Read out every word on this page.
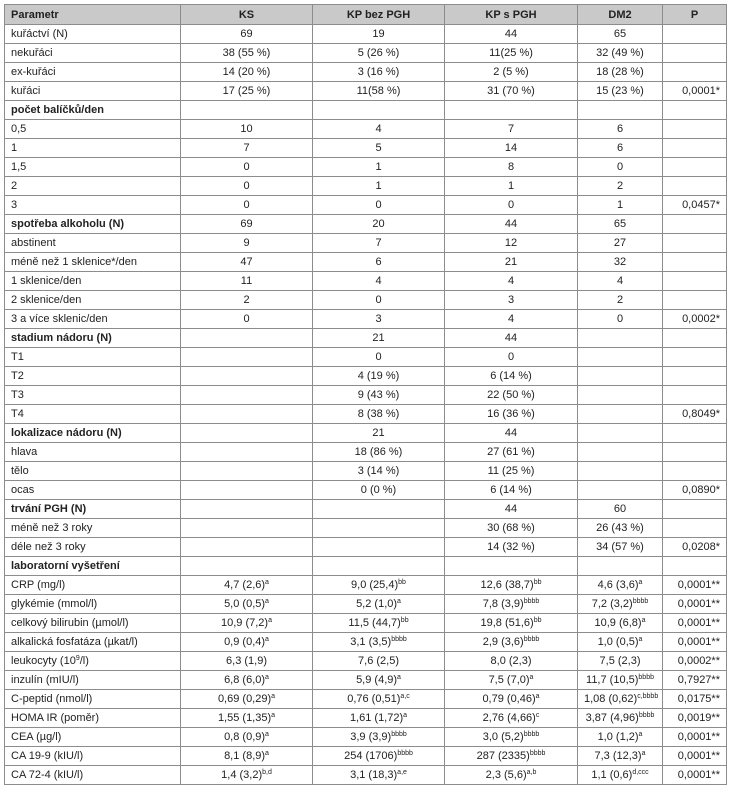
Parametr	KS	KP bez PGH	KP s PGH	DM2	P
kuřáctví (N)	69	19	44	65	
nekuřáci	38 (55 %)	5 (26 %)	11(25 %)	32 (49 %)	
ex-kuřáci	14 (20 %)	3 (16 %)	2 (5 %)	18 (28 %)	
kuřáci	17 (25 %)	11(58 %)	31 (70 %)	15 (23 %)	0,0001*
počet balíčků/den					
0,5	10	4	7	6	
1	7	5	14	6	
1,5	0	1	8	0	
2	0	1	1	2	
3	0	0	0	1	0,0457*
spotřeba alkoholu (N)	69	20	44	65	
abstinent	9	7	12	27	
méně než 1 sklenice*/den	47	6	21	32	
1 sklenice/den	11	4	4	4	
2 sklenice/den	2	0	3	2	
3 a více sklenic/den	0	3	4	0	0,0002*
stadium nádoru (N)		21	44		
T1		0	0		
T2		4 (19 %)	6 (14 %)		
T3		9 (43 %)	22 (50 %)		
T4		8 (38 %)	16 (36 %)		0,8049*
lokalizace nádoru (N)		21	44		
hlava		18 (86 %)	27 (61 %)		
tělo		3 (14 %)	11 (25 %)		
ocas		0 (0 %)	6 (14 %)		0,0890*
trvání PGH (N)			44	60	
méně než 3 roky			30 (68 %)	26 (43 %)	
déle než 3 roky			14 (32 %)	34 (57 %)	0,0208*
laboratorní vyšetření					
CRP (mg/l)	4,7 $(2,6)^a$	9,0 $(25,4)^{bb}$	12,6 $(38,7)^{bb}$	4,6 $(3,6)^a$	0,0001**
glykémie (mmol/l)	5,0 $(0,5)^a$	5,2 $(1,0)^a$	7,8 $(3,9)^{bbbb}$	7,2 $(3,2)^{bbbb}$	0,0001**
celkový bilirubin (µmol/l)	10,9 $(7,2)^a$	11,5 $(44,7)^{bb}$	19,8 $(51,6)^{bb}$	10,9 $(6,8)^a$	0,0001**
alkalická fosfatáza (µkat/l)	0,9 $(0,4)^a$	3,1 $(3,5)^{bbbb}$	2,9 $(3,6)^{bbbb}$	1,0 $(0,5)^a$	0,0001**
leukocyty $(10^9/l)$	6,3 (1,9)	7,6 (2,5)	8,0 (2,3)	7,5 (2,3)	0,0002**
inzulín (mIU/l)	6,8 $(6,0)^a$	5,9 $(4,9)^a$	7,5 $(7,0)^a$	11,7 $(10,5)^{bbbb}$	0,7927**
C-peptid (nmol/l)	0,69 $(0,29)^a$	0,76 $(0,51)^{a,c}$	0,79 $(0,46)^a$	1,08 $(0,62)^{c,bbbb}$	0,0175**
HOMA IR (poměr)	1,55 $(1,35)^a$	1,61 $(1,72)^a$	2,76 $(4,66)^c$	3,87 $(4,96)^{bbbb}$	0,0019**
CEA (µg/l)	0,8 $(0,9)^a$	3,9 $(3,9)^{bbbb}$	3,0 $(5,2)^{bbbb}$	1,0 $(1,2)^a$	0,0001**
CA 19-9 (kIU/l)	8,1 $(8,9)^a$	254 $(1706)^{bbbb}$	287 $(2335)^{bbbb}$	7,3 $(12,3)^a$	0,0001**
CA 72-4 (kIU/l)	1,4 $(3,2)^{b,d}$	3,1 $(18,3)^{a,e}$	2,3 $(5,6)^{a,b}$	1,1 $(0,6)^{d,ccc}$	0,0001**
